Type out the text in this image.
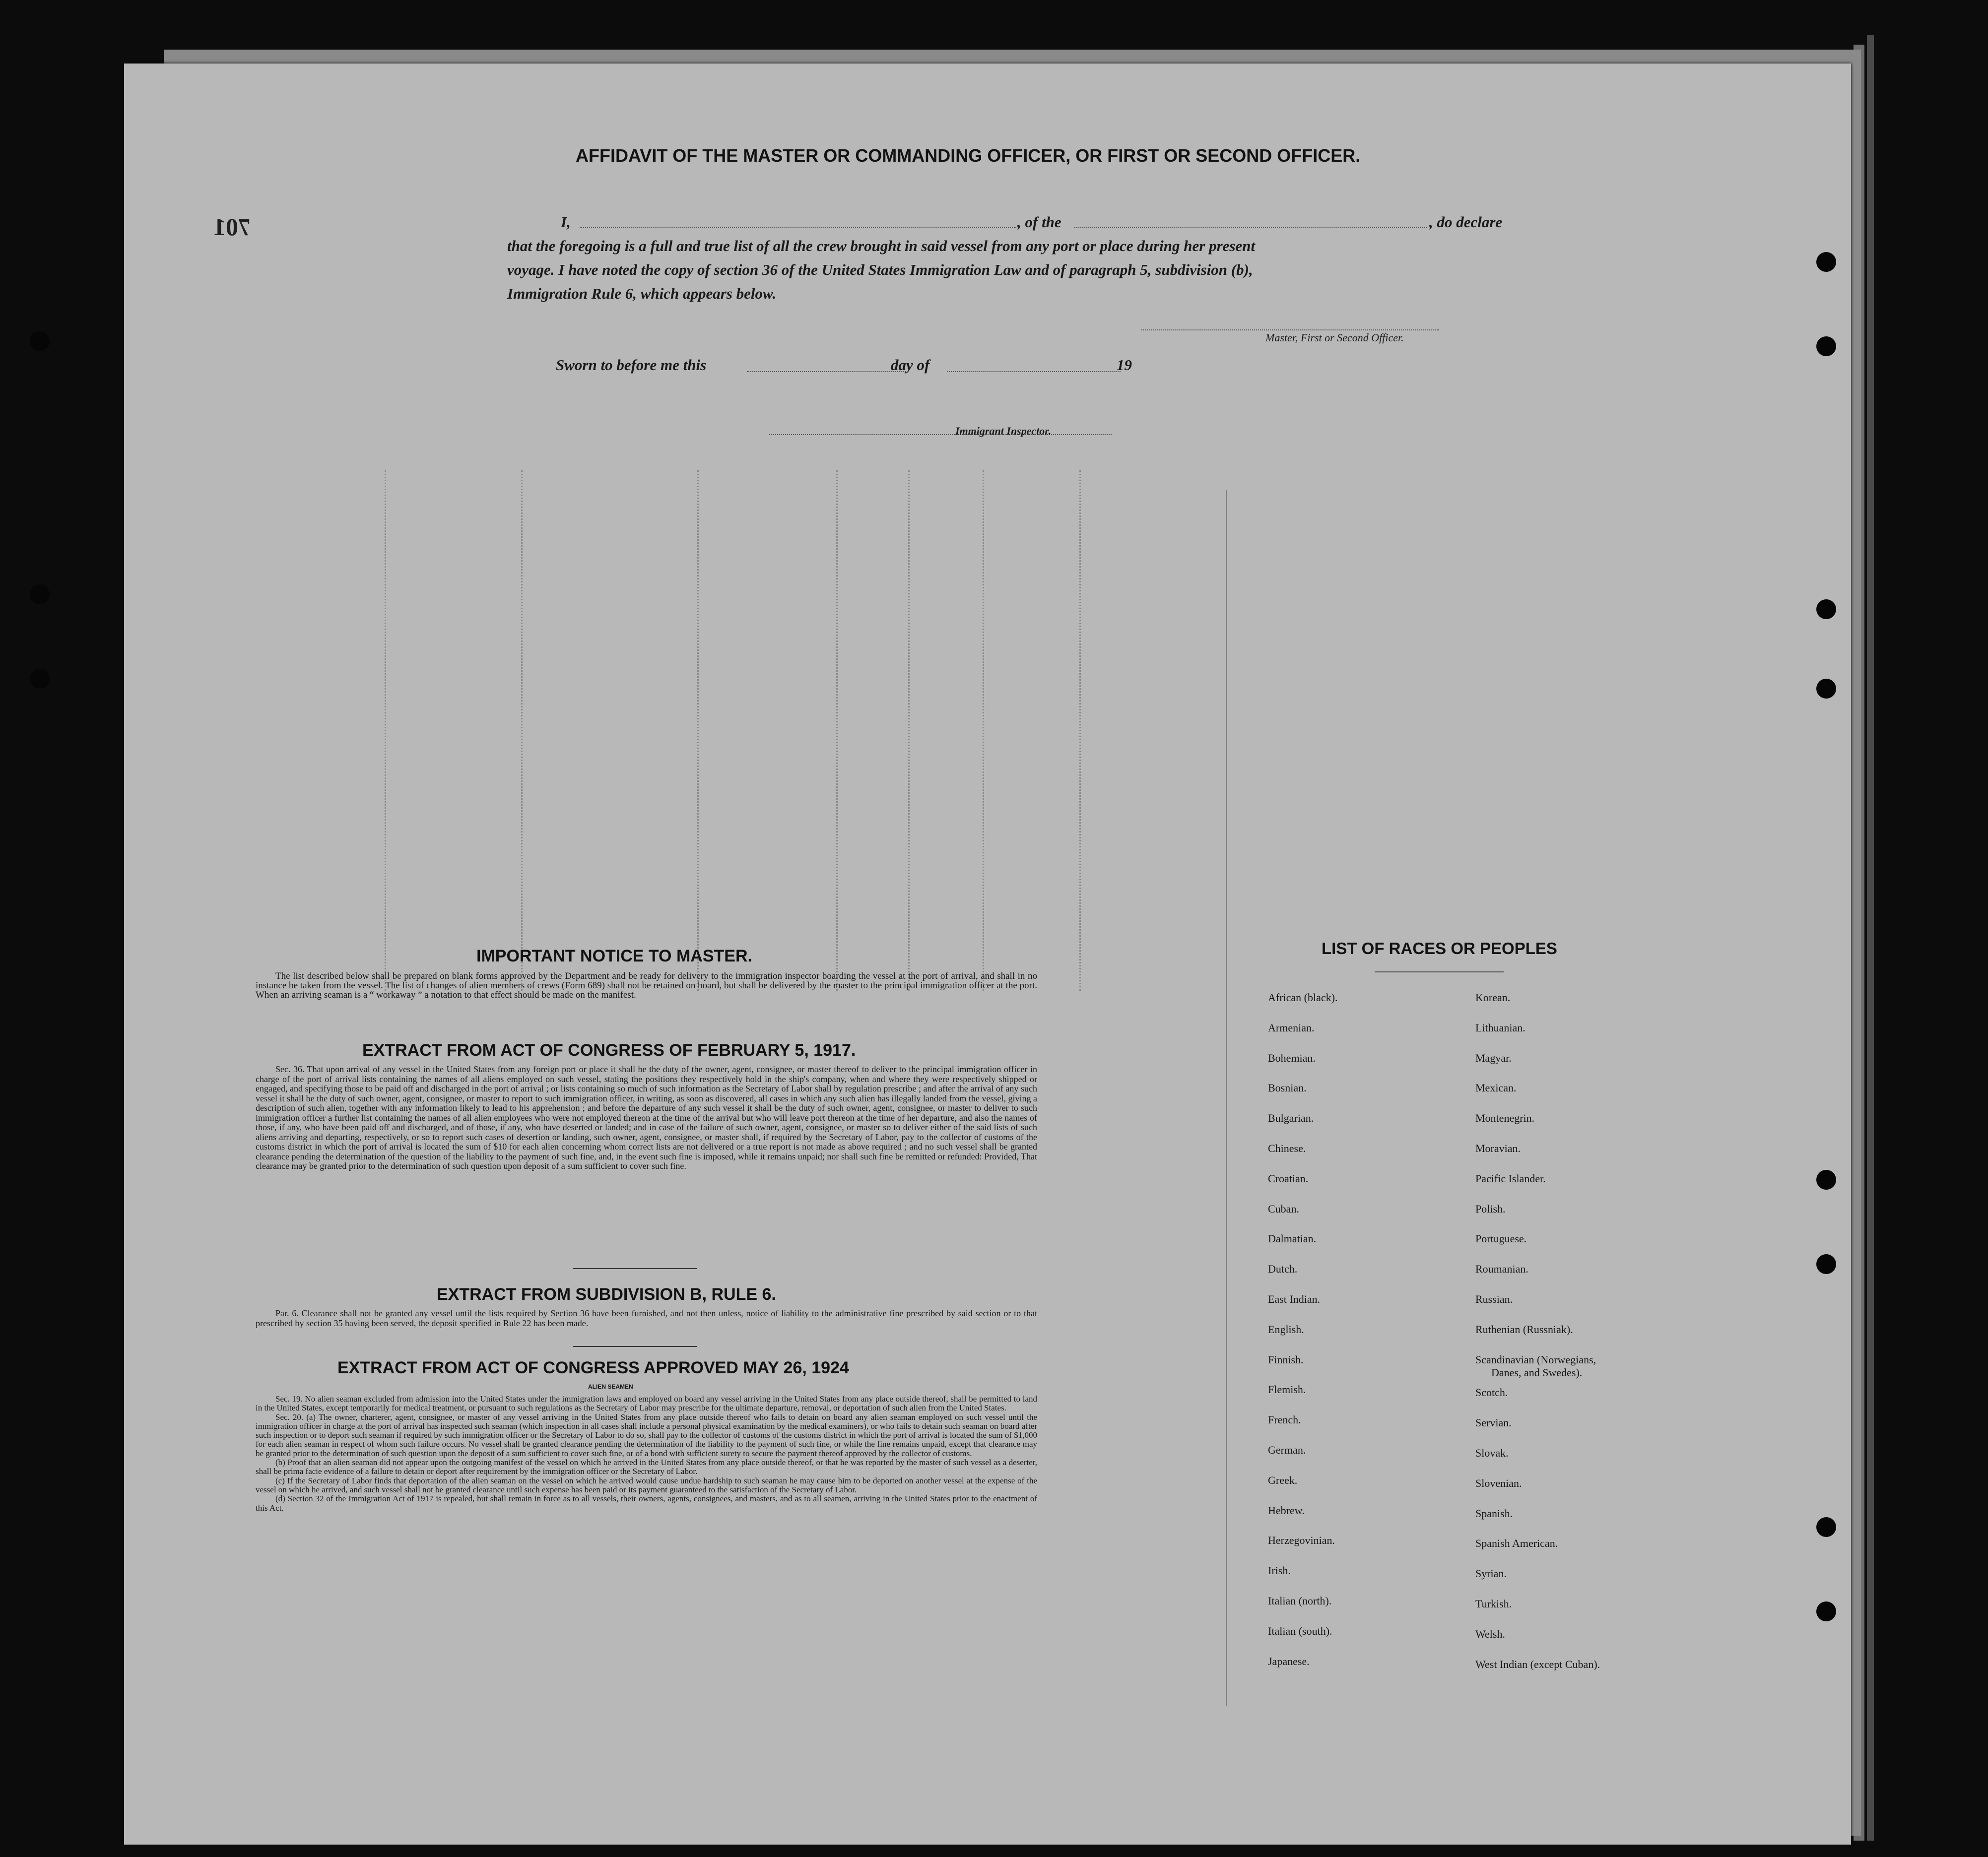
701
AFFIDAVIT OF THE MASTER OR COMMANDING OFFICER, OR FIRST OR SECOND OFFICER.
I,	, of the	, do declare
that the foregoing is a full and true list of all the crew brought in said vessel from any port or place during her present
voyage. I have noted the copy of section 36 of the United States Immigration Law and of paragraph 5, subdivision (b),
Immigration Rule 6, which appears below.
Master, First or Second Officer.
Sworn to before me this	day of	19
Immigrant Inspector.
IMPORTANT NOTICE TO MASTER.

The list described below shall be prepared on blank forms approved by the Department and be ready for delivery to the immigration inspector boarding the vessel at the port of arrival, and shall in no instance be taken from the vessel. The list of changes of alien members of crews (Form 689) shall not be retained on board, but shall be delivered by the master to the principal immigration officer at the port. When an arriving seaman is a “ workaway ” a notation to that effect should be made on the manifest.

EXTRACT FROM ACT OF CONGRESS OF FEBRUARY 5, 1917.

Sec. 36. That upon arrival of any vessel in the United States from any foreign port or place it shall be the duty of the owner, agent, consignee, or master thereof to deliver to the principal immigration officer in charge of the port of arrival lists containing the names of all aliens employed on such vessel, stating the positions they respectively hold in the ship's company, when and where they were respectively shipped or engaged, and specifying those to be paid off and discharged in the port of arrival ; or lists containing so much of such information as the Secretary of Labor shall by regulation prescribe ; and after the arrival of any such vessel it shall be the duty of such owner, agent, consignee, or master to report to such immigration officer, in writing, as soon as discovered, all cases in which any such alien has illegally landed from the vessel, giving a description of such alien, together with any information likely to lead to his apprehension ; and before the departure of any such vessel it shall be the duty of such owner, agent, consignee, or master to deliver to such immigration officer a further list containing the names of all alien employees who were not employed thereon at the time of the arrival but who will leave port thereon at the time of her departure, and also the names of those, if any, who have been paid off and discharged, and of those, if any, who have deserted or landed; and in case of the failure of such owner, agent, consignee, or master so to deliver either of the said lists of such aliens arriving and departing, respectively, or so to report such cases of desertion or landing, such owner, agent, consignee, or master shall, if required by the Secretary of Labor, pay to the collector of customs of the customs district in which the port of arrival is located the sum of $10 for each alien concerning whom correct lists are not delivered or a true report is not made as above required ; and no such vessel shall be granted clearance pending the determination of the question of the liability to the payment of such fine, and, in the event such fine is imposed, while it remains unpaid; nor shall such fine be remitted or refunded: Provided, That clearance may be granted prior to the determination of such question upon deposit of a sum sufficient to cover such fine.

EXTRACT FROM SUBDIVISION B, RULE 6.

Par. 6. Clearance shall not be granted any vessel until the lists required by Section 36 have been furnished, and not then unless, notice of liability to the administrative fine prescribed by said section or to that prescribed by section 35 having been served, the deposit specified in Rule 22 has been made.

EXTRACT FROM ACT OF CONGRESS APPROVED MAY 26, 1924
ALIEN SEAMEN

Sec. 19. No alien seaman excluded from admission into the United States under the immigration laws and employed on board any vessel arriving in the United States from any place outside thereof, shall be permitted to land in the United States, except temporarily for medical treatment, or pursuant to such regulations as the Secretary of Labor may prescribe for the ultimate departure, removal, or deportation of such alien from the United States.

Sec. 20. (a) The owner, charterer, agent, consignee, or master of any vessel arriving in the United States from any place outside thereof who fails to detain on board any alien seaman employed on such vessel until the immigration officer in charge at the port of arrival has inspected such seaman (which inspection in all cases shall include a personal physical examination by the medical examiners), or who fails to detain such seaman on board after such inspection or to deport such seaman if required by such immigration officer or the Secretary of Labor to do so, shall pay to the collector of customs of the customs district in which the port of arrival is located the sum of $1,000 for each alien seaman in respect of whom such failure occurs. No vessel shall be granted clearance pending the determination of the liability to the payment of such fine, or while the fine remains unpaid, except that clearance may be granted prior to the determination of such question upon the deposit of a sum sufficient to cover such fine, or of a bond with sufficient surety to secure the payment thereof approved by the collector of customs.

(b) Proof that an alien seaman did not appear upon the outgoing manifest of the vessel on which he arrived in the United States from any place outside thereof, or that he was reported by the master of such vessel as a deserter, shall be prima facie evidence of a failure to detain or deport after requirement by the immigration officer or the Secretary of Labor.

(c) If the Secretary of Labor finds that deportation of the alien seaman on the vessel on which he arrived would cause undue hardship to such seaman he may cause him to be deported on another vessel at the expense of the vessel on which he arrived, and such vessel shall not be granted clearance until such expense has been paid or its payment guaranteed to the satisfaction of the Secretary of Labor.

(d) Section 32 of the Immigration Act of 1917 is repealed, but shall remain in force as to all vessels, their owners, agents, consignees, and masters, and as to all seamen, arriving in the United States prior to the enactment of this Act.

LIST OF RACES OR PEOPLES
African (black).
Armenian.
Bohemian.
Bosnian.
Bulgarian.
Chinese.
Croatian.
Cuban.
Dalmatian.
Dutch.
East Indian.
English.
Finnish.
Flemish.
French.
German.
Greek.
Hebrew.
Herzegovinian.
Irish.
Italian (north).
Italian (south).
Japanese.
Korean.
Lithuanian.
Magyar.
Mexican.
Montenegrin.
Moravian.
Pacific Islander.
Polish.
Portuguese.
Roumanian.
Russian.
Ruthenian (Russniak).
Scandinavian (Norwegians,
Danes, and Swedes).
Scotch.
Servian.
Slovak.
Slovenian.
Spanish.
Spanish American.
Syrian.
Turkish.
Welsh.
West Indian (except Cuban).
